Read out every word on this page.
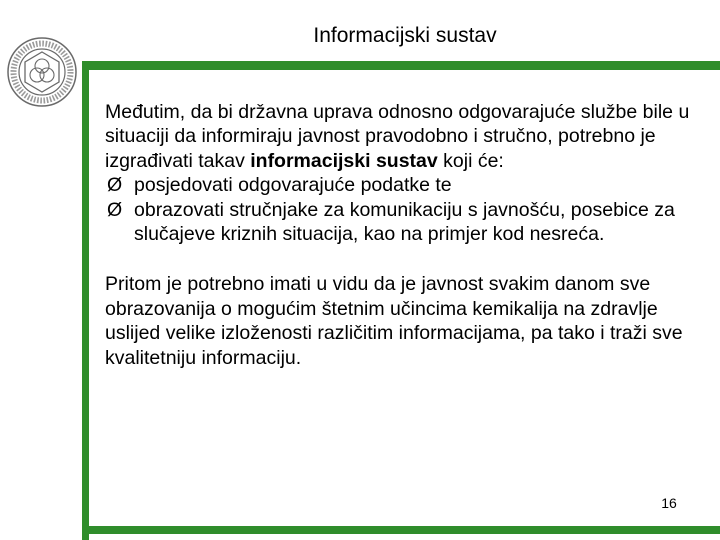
Informacijski sustav

Međutim, da bi državna uprava odnosno odgovarajuće službe bile u situaciji da informiraju javnost pravodobno i stručno, potrebno je izgrađivati takav informacijski sustav koji će:

Ø posjedovati odgovarajuće podatke te

Ø obrazovati stručnjake za komunikaciju s javnošću, posebice za slučajeve kriznih situacija, kao na primjer kod nesreća.

Pritom je potrebno imati u vidu da je javnost svakim danom sve obrazovanija o mogućim štetnim učincima kemikalija na zdravlje uslijed velike izloženosti različitim informacijama, pa tako i traži sve kvalitetniju informaciju.

16
